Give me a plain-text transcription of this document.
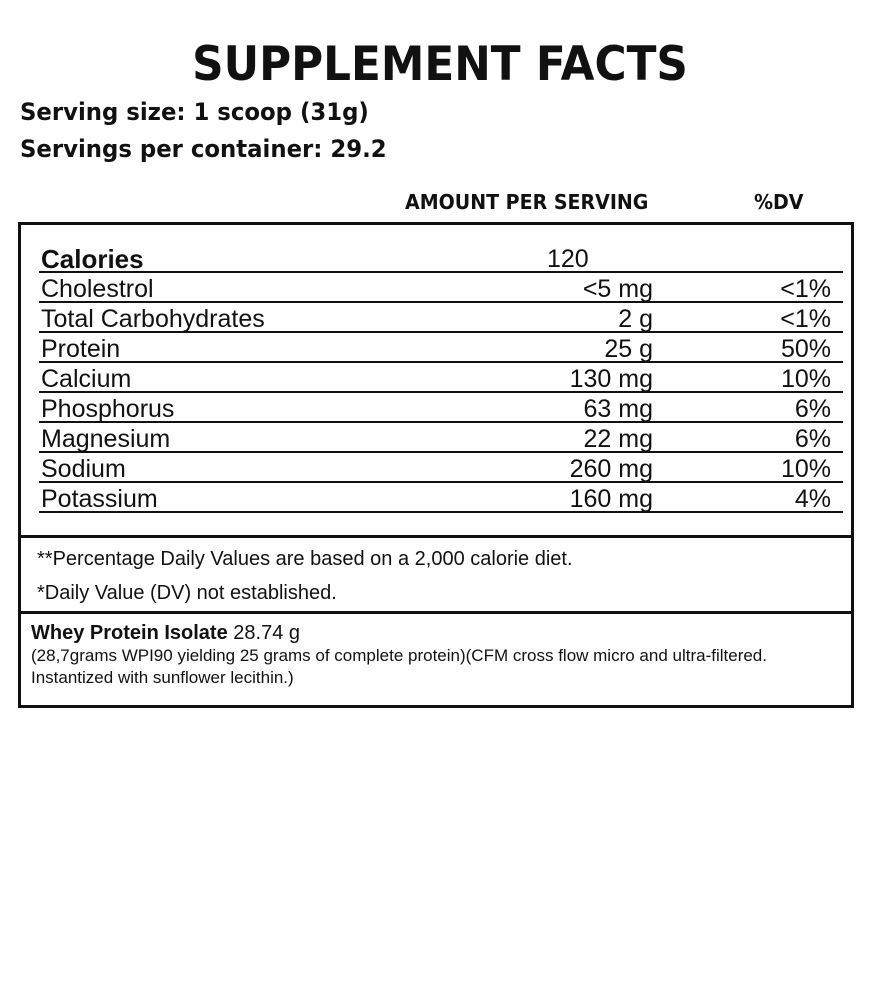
SUPPLEMENT FACTS
Serving size: 1 scoop (31g)
Servings per container: 29.2
AMOUNT PER SERVING	%DV
Calories	120
Cholestrol	<5 mg	<1%
Total Carbohydrates	2 g	<1%
Protein	25 g	50%
Calcium	130 mg	10%
Phosphorus	63 mg	6%
Magnesium	22 mg	6%
Sodium	260 mg	10%
Potassium	160 mg	4%
**Percentage Daily Values are based on a 2,000 calorie diet.
*Daily Value (DV) not established.
Whey Protein Isolate 28.74 g
(28,7grams WPI90 yielding 25 grams of complete protein)(CFM cross flow micro and ultra-filtered. Instantized with sunflower lecithin.)
